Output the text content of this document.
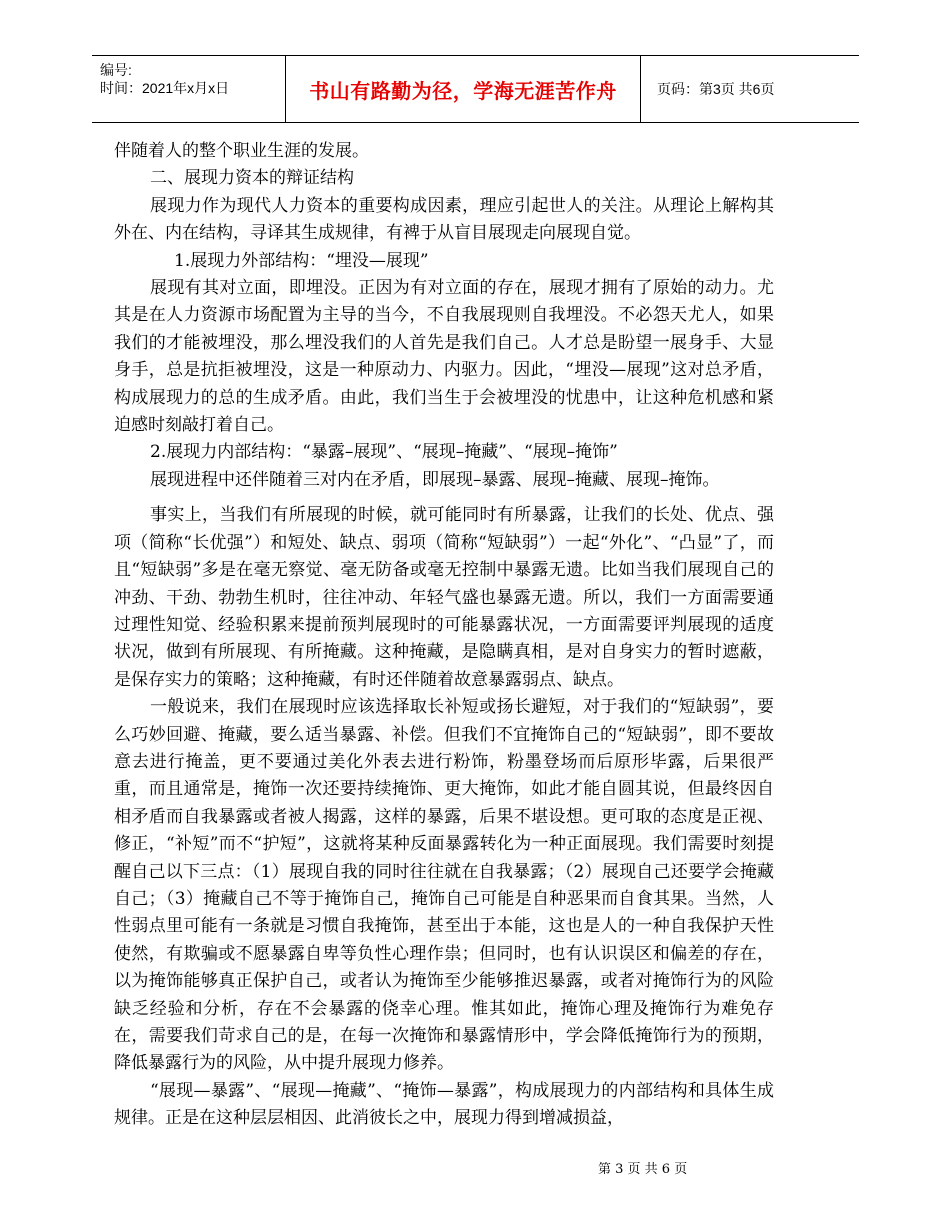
编号:
时间：2021年x月x日	书山有路勤为径，学海无涯苦作舟	页码：第3页 共6页

伴随着人的整个职业生涯的发展。

二、展现力资本的辩证结构

展现力作为现代人力资本的重要构成因素，理应引起世人的关注。从理论上解构其外在、内在结构，寻译其生成规律，有裨于从盲目展现走向展现自觉。

1.展现力外部结构：“埋没—展现”

展现有其对立面，即埋没。正因为有对立面的存在，展现才拥有了原始的动力。尤其是在人力资源市场配置为主导的当今，不自我展现则自我埋没。不必怨天尤人，如果我们的才能被埋没，那么埋没我们的人首先是我们自己。人才总是盼望一展身手、大显身手，总是抗拒被埋没，这是一种原动力、内驱力。因此，“埋没—展现”这对总矛盾，构成展现力的总的生成矛盾。由此，我们当生于会被埋没的忧患中，让这种危机感和紧迫感时刻敲打着自己。

2.展现力内部结构：“暴露–展现”、“展现–掩藏”、“展现–掩饰”

展现进程中还伴随着三对内在矛盾，即展现–暴露、展现–掩藏、展现–掩饰。

事实上，当我们有所展现的时候，就可能同时有所暴露，让我们的长处、优点、强项（简称“长优强”）和短处、缺点、弱项（简称“短缺弱”）一起“外化”、“凸显”了，而且“短缺弱”多是在毫无察觉、毫无防备或毫无控制中暴露无遗。比如当我们展现自己的冲劲、干劲、勃勃生机时，往往冲动、年轻气盛也暴露无遗。所以，我们一方面需要通过理性知觉、经验积累来提前预判展现时的可能暴露状况，一方面需要评判展现的适度状况，做到有所展现、有所掩藏。这种掩藏，是隐瞒真相，是对自身实力的暂时遮蔽，是保存实力的策略；这种掩藏，有时还伴随着故意暴露弱点、缺点。

一般说来，我们在展现时应该选择取长补短或扬长避短，对于我们的“短缺弱”，要么巧妙回避、掩藏，要么适当暴露、补偿。但我们不宜掩饰自己的“短缺弱”，即不要故意去进行掩盖，更不要通过美化外表去进行粉饰，粉墨登场而后原形毕露，后果很严重，而且通常是，掩饰一次还要持续掩饰、更大掩饰，如此才能自圆其说，但最终因自相矛盾而自我暴露或者被人揭露，这样的暴露，后果不堪设想。更可取的态度是正视、修正，“补短”而不“护短”，这就将某种反面暴露转化为一种正面展现。我们需要时刻提醒自己以下三点：（1）展现自我的同时往往就在自我暴露；（2）展现自己还要学会掩藏自己；（3）掩藏自己不等于掩饰自己，掩饰自己可能是自种恶果而自食其果。当然，人性弱点里可能有一条就是习惯自我掩饰，甚至出于本能，这也是人的一种自我保护天性使然，有欺骗或不愿暴露自卑等负性心理作祟；但同时，也有认识误区和偏差的存在，以为掩饰能够真正保护自己，或者认为掩饰至少能够推迟暴露，或者对掩饰行为的风险缺乏经验和分析，存在不会暴露的侥幸心理。惟其如此，掩饰心理及掩饰行为难免存在，需要我们苛求自己的是，在每一次掩饰和暴露情形中，学会降低掩饰行为的预期，降低暴露行为的风险，从中提升展现力修养。

“展现—暴露”、“展现—掩藏”、“掩饰—暴露”，构成展现力的内部结构和具体生成规律。正是在这种层层相因、此消彼长之中，展现力得到增减损益，

第 3 页 共 6 页
